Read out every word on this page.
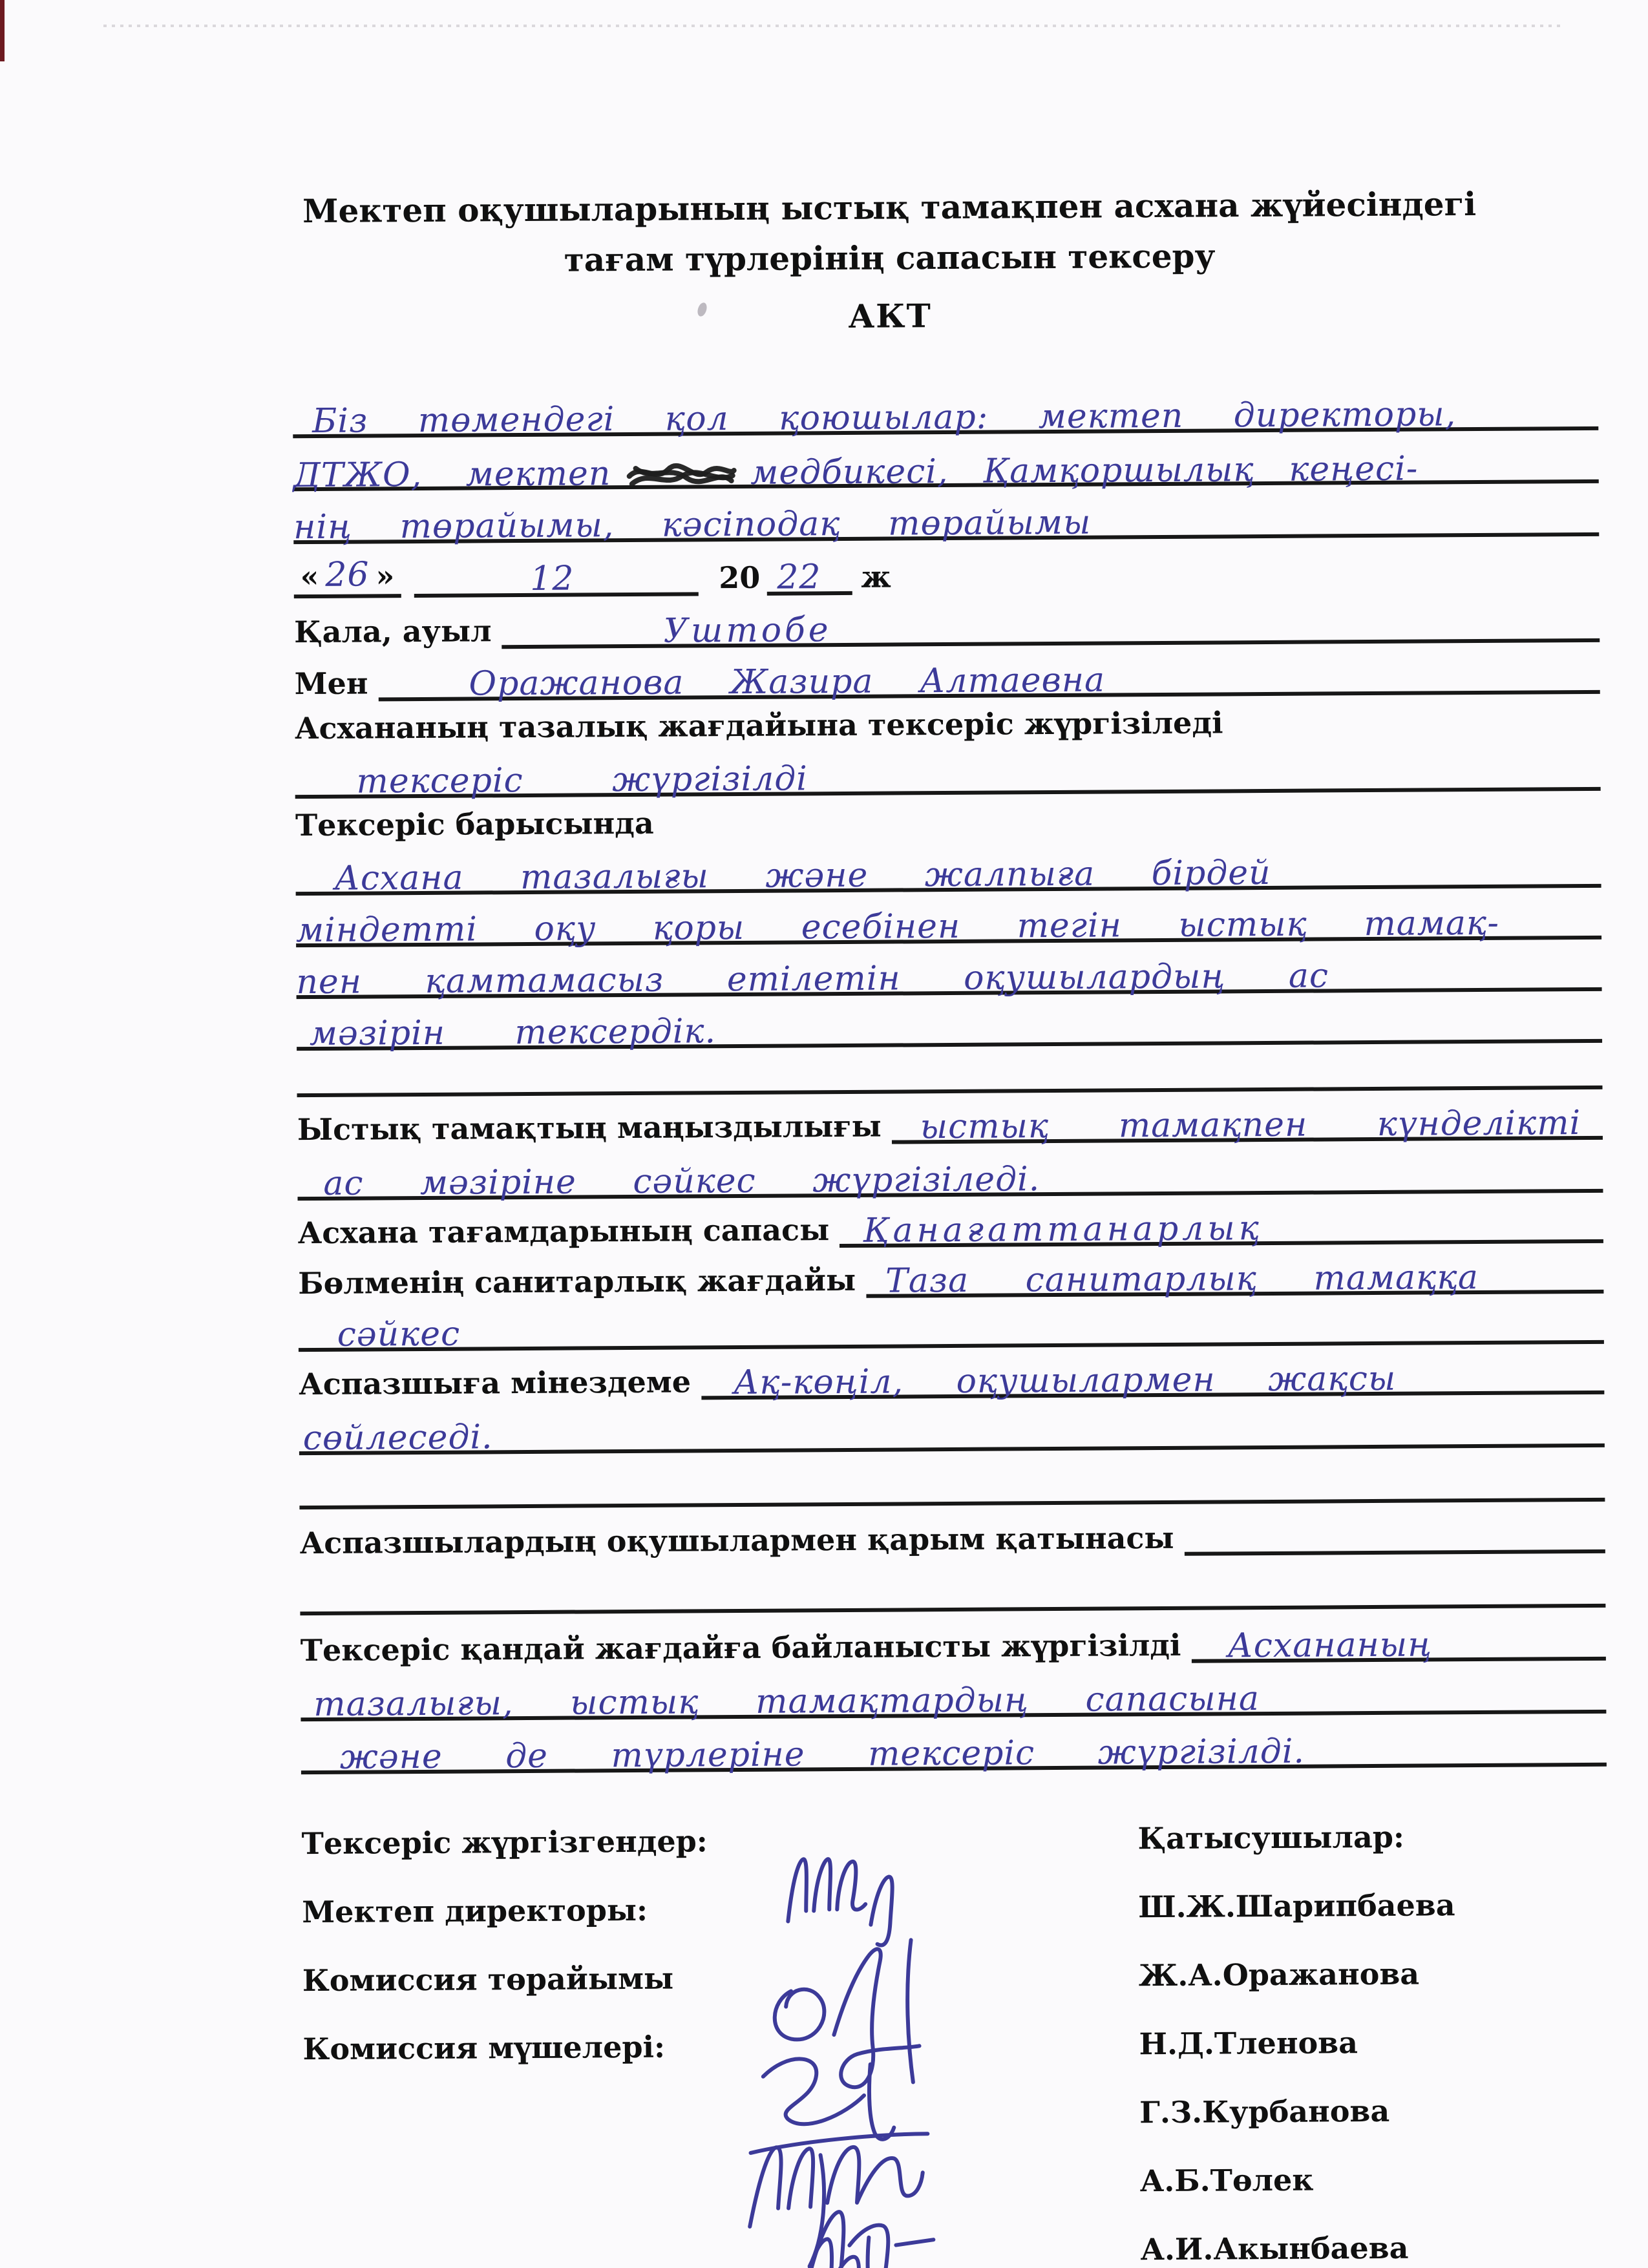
Мектеп оқушыларының ыстық тамақпен асхана жүйесіндегі
тағам түрлерінің сапасын тексеру
АКТ
Біз төмендегі қол қоюшылар: мектеп директоры,
ДТЖО, мектеп	медбикесі, Қамқоршылық кеңесі-
нің төрайымы, кәсіподақ төрайымы
« 26 »	12	20 22 ж
Қала, ауыл	Уштобе
Мен	Оражанова Жазира Алтаевна
Асхананың тазалық жағдайына тексеріс жүргізіледі
тексеріс жүргізілді
Тексеріс барысында
Асхана тазалығы және жалпыға бірдей
міндетті оқу қоры есебінен тегін ыстық тамақ-
пен қамтамасыз етілетін оқушылардың ас
мәзірін тексердік.
Ыстық тамақтың маңыздылығы ыстық тамақпен күнделікті
ас мәзіріне сәйкес жүргізіледі.
Асхана тағамдарының сапасы Қанағаттанарлық
Бөлменің санитарлық жағдайы Таза санитарлық тамаққа
сәйкес
Аспазшыға мінездеме Ақ-көңіл, оқушылармен жақсы
сөйлеседі.
Аспазшылардың оқушылармен қарым қатынасы
Тексеріс қандай жағдайға байланысты жүргізілді Асхананың
тазалығы, ыстық тамақтардың сапасына
және де түрлеріне тексеріс жүргізілді.
Тексеріс жүргізгендер:	Қатысушылар:
Мектеп директоры:	Ш.Ж.Шарипбаева
Комиссия төрайымы	Ж.А.Оражанова
Комиссия мүшелері:	Н.Д.Тленова
Г.З.Курбанова
А.Б.Төлек
А.И.Акынбаева
